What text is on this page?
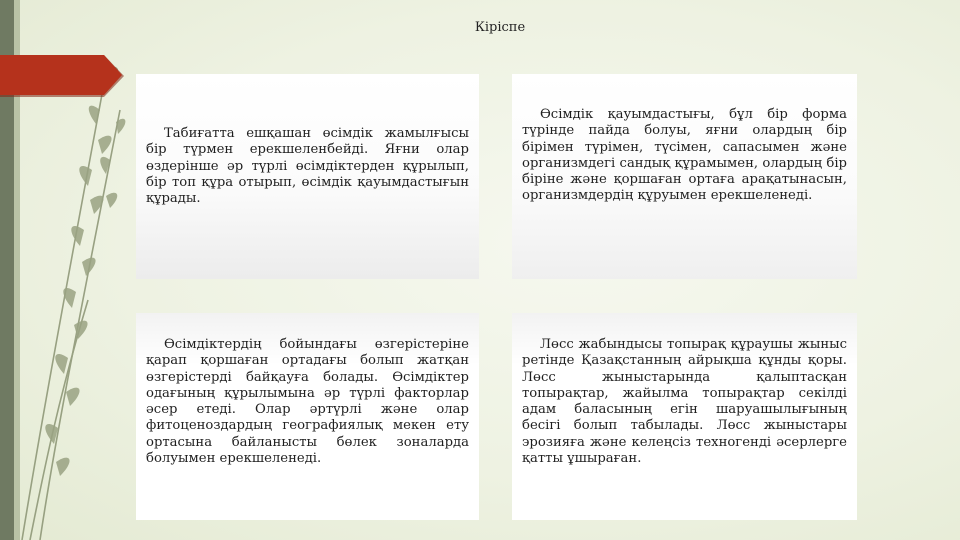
Кіріспе

Табиғатта ешқашан өсімдік жамылғысы бір түрмен ерекшеленбейді. Яғни олар өздерінше әр түрлі өсімдіктерден құрылып, бір топ құра отырып, өсімдік қауымдастығын құрады.

Өсімдік қауымдастығы, бұл бір форма түрінде пайда болуы, яғни олардың бір бірімен түрімен, түсімен, сапасымен және организмдегі сандық құрамымен, олардың бір біріне және қоршаған ортаға арақатынасын, организмдердің құруымен ерекшеленеді.

Өсімдіктердің бойындағы өзгерістеріне қарап қоршаған ортадағы болып жатқан өзгерістерді байқауға болады. Өсімдіктер одағының құрылымына әр түрлі факторлар әсер етеді. Олар әртүрлі және олар фитоценоздардың географиялық мекен ету ортасына байланысты бөлек зоналарда болуымен ерекшеленеді.

Лөсс жабындысы топырақ құраушы жыныс ретінде Қазақстанның айрықша құнды қоры. Лөсс жыныстарында қалыптасқан топырақтар, жайылма топырақтар секілді адам баласының егін шаруашылығының бесігі болып табылады. Лөсс жыныстары эрозияға және келеңсіз техногенді әсерлерге қатты ұшыраған.
